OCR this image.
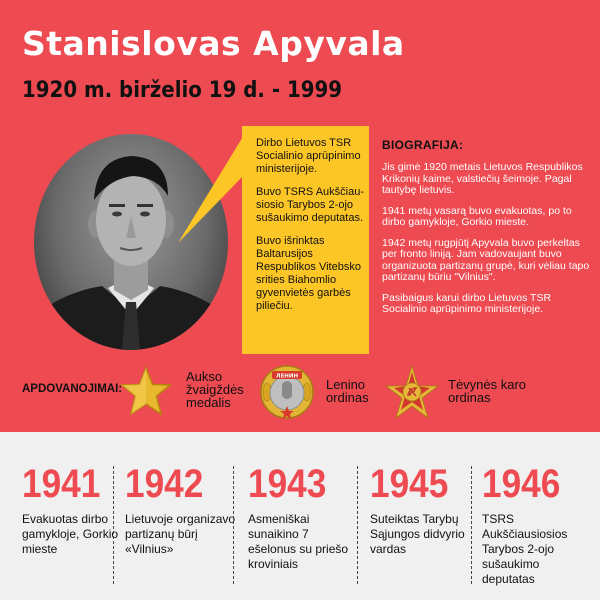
Stanislovas Apyvala
1920 m. birželio 19 d. - 1999

Dirbo Lietuvos TSR Socialinio aprūpinimo ministerijoje.

Buvo TSRS Aukščiau-siosio Tarybos 2-ojo sušaukimo deputatas.

Buvo išrinktas Baltarusijos Respublikos Vitebsko srities Biahomlio gyvenvietės garbės piliečiu.

BIOGRAFIJA:

Jis gimė 1920 metais Lietuvos Respublikos Krikonių kaime, valstiečių šeimoje. Pagal tautybę lietuvis.

1941 metų vasarą buvo evakuotas, po to dirbo gamykloje, Gorkio mieste.

1942 metų rugpjūtį Apyvala buvo perkeltas per fronto liniją. Jam vadovaujant buvo organizuota partizanų grupė, kuri vėliau tapo partizanų būriu "Vilnius".

Pasibaigus karui dirbo Lietuvos TSR Socialinio aprūpinimo ministerijoje.

APDOVANOJIMAI:
Aukso žvaigždės medalis
ЛЕНИН
Lenino ordinas
Tėvynės karo ordinas
1941
Evakuotas dirbo gamykloje, Gorkio mieste
1942
Lietuvoje organizavo partizanų būrį «Vilnius»
1943
Asmeniškai sunaikino 7 ešelonus su priešo kroviniais
1945
Suteiktas Tarybų Sąjungos didvyrio vardas
1946
TSRS Aukščiausiosios Tarybos 2-ojo sušaukimo deputatas
